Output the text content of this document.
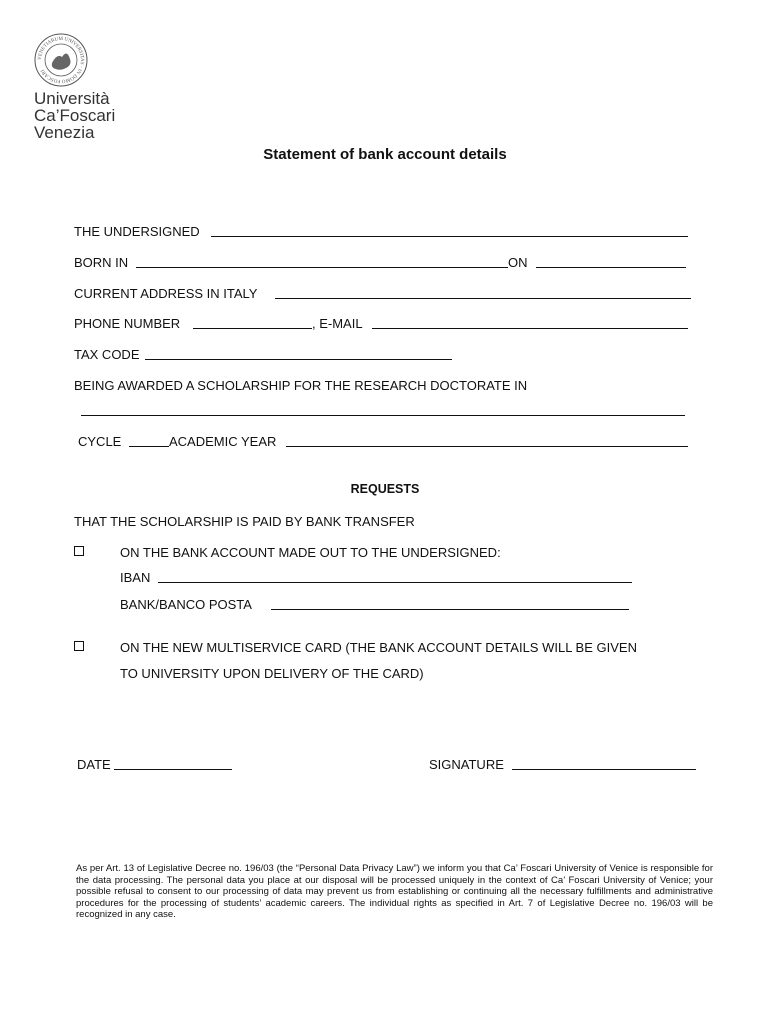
VENETIARUM UNIVERSITAS · IN DOMO FOSCARI
Università
Ca’Foscari
Venezia
Statement of bank account details
THE UNDERSIGNED
BORN IN	ON
CURRENT ADDRESS IN ITALY
PHONE NUMBER	, E-MAIL
TAX CODE
BEING AWARDED A SCHOLARSHIP FOR THE RESEARCH DOCTORATE IN
CYCLE	ACADEMIC YEAR
REQUESTS
THAT THE SCHOLARSHIP IS PAID BY BANK TRANSFER
ON THE BANK ACCOUNT MADE OUT TO THE UNDERSIGNED:
IBAN
BANK/BANCO POSTA
ON THE NEW MULTISERVICE CARD (THE BANK ACCOUNT DETAILS WILL BE GIVEN
TO UNIVERSITY UPON DELIVERY OF THE CARD)
DATE	SIGNATURE
As per Art. 13 of Legislative Decree no. 196/03 (the “Personal Data Privacy Law”) we inform you that Ca’ Foscari University of Venice is responsible for the data processing. The personal data you place at our disposal will be processed uniquely in the context of Ca’ Foscari University of Venice; your possible refusal to consent to our processing of data may prevent us from establishing or continuing all the necessary fulfillments and administrative procedures for the processing of students’ academic careers. The individual rights as specified in Art. 7 of Legislative Decree no. 196/03 will be recognized in any case.
